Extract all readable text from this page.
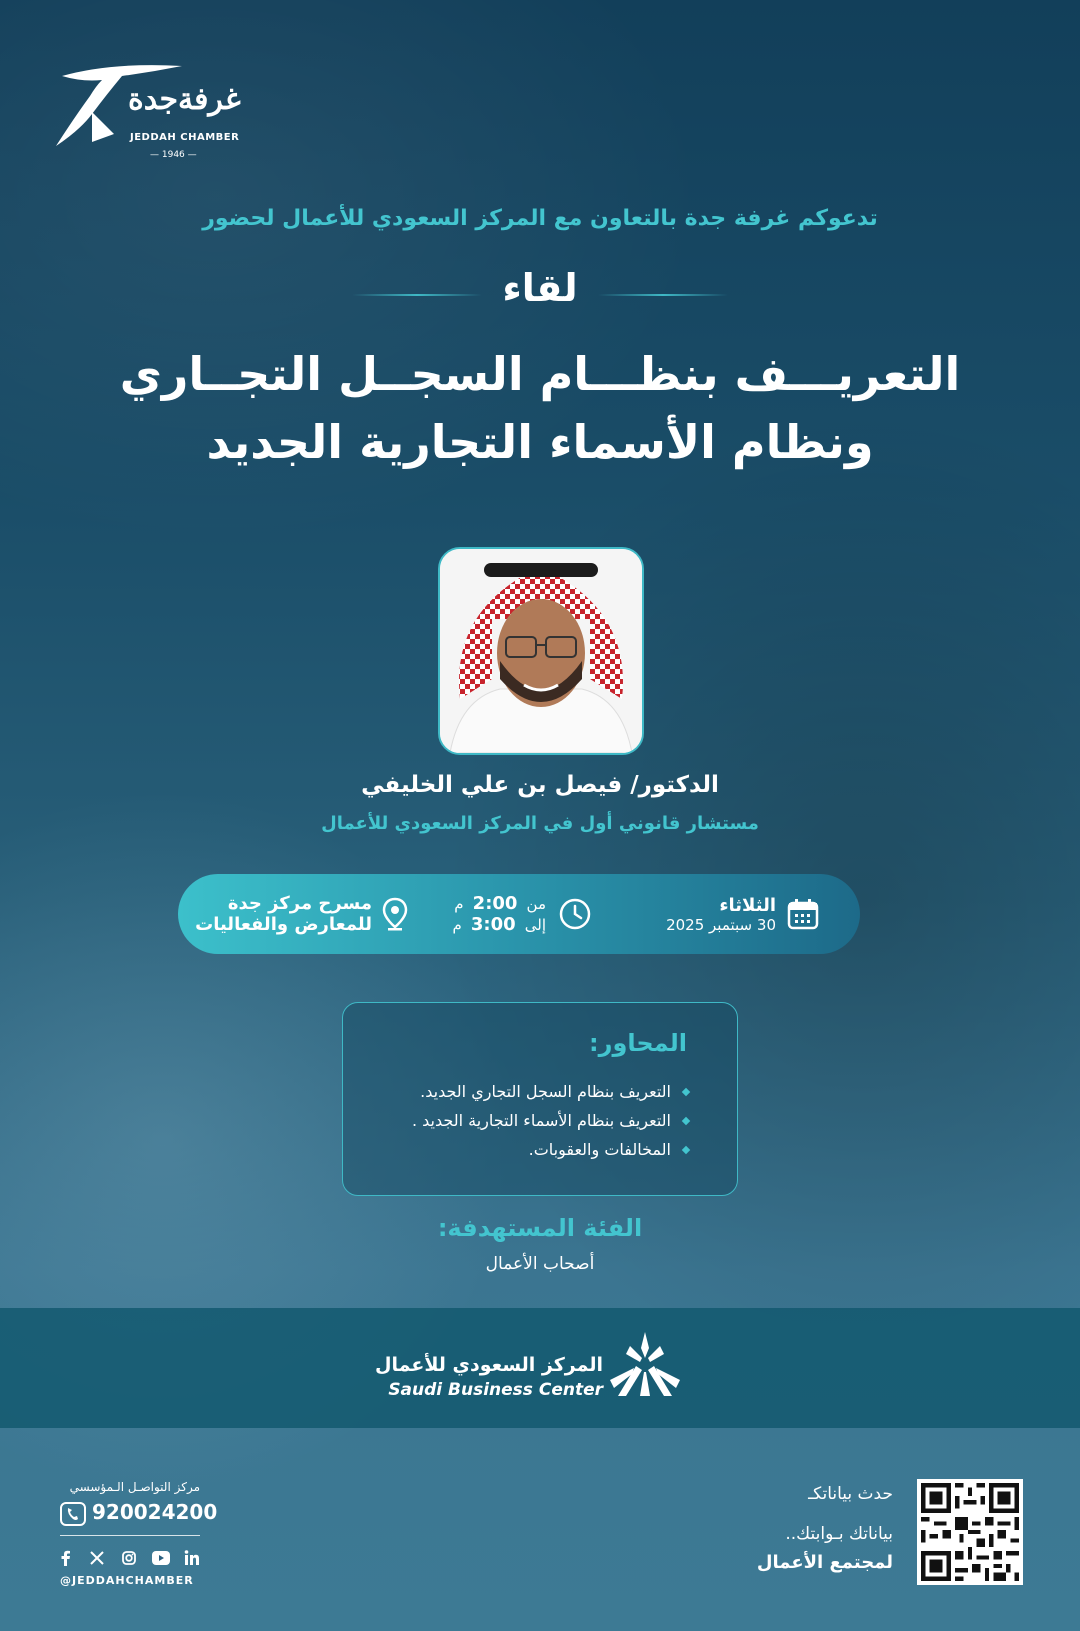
غرفةجدة
JEDDAH CHAMBER
— 1946 —
تدعوكم غرفة جدة بالتعاون مع المركز السعودي للأعمال لحضور
لقاء
التعريـــف بنظـــام السجــل التجــاري
ونظام الأسماء التجارية الجديد
الدكتور/ فيصل بن علي الخليفي
مستشار قانوني أول في المركز السعودي للأعمال
الثلاثاء
30 سبتمبر 2025
من 2:00 م
إلى 3:00 م
مسرح مركز جدة
للمعارض والفعاليات
المحاور:
التعريف بنظام السجل التجاري الجديد.
التعريف بنظام الأسماء التجارية الجديد .
المخالفات والعقوبات.
الفئة المستهدفة:
أصحاب الأعمال
المركز السعودي للأعمال
Saudi Business Center
مركز التواصـل الـمؤسسي
920024200
@JEDDAHCHAMBER
حدث بياناتكـ
بياناتك بـوابتك..
لمجتمع الأعمال
